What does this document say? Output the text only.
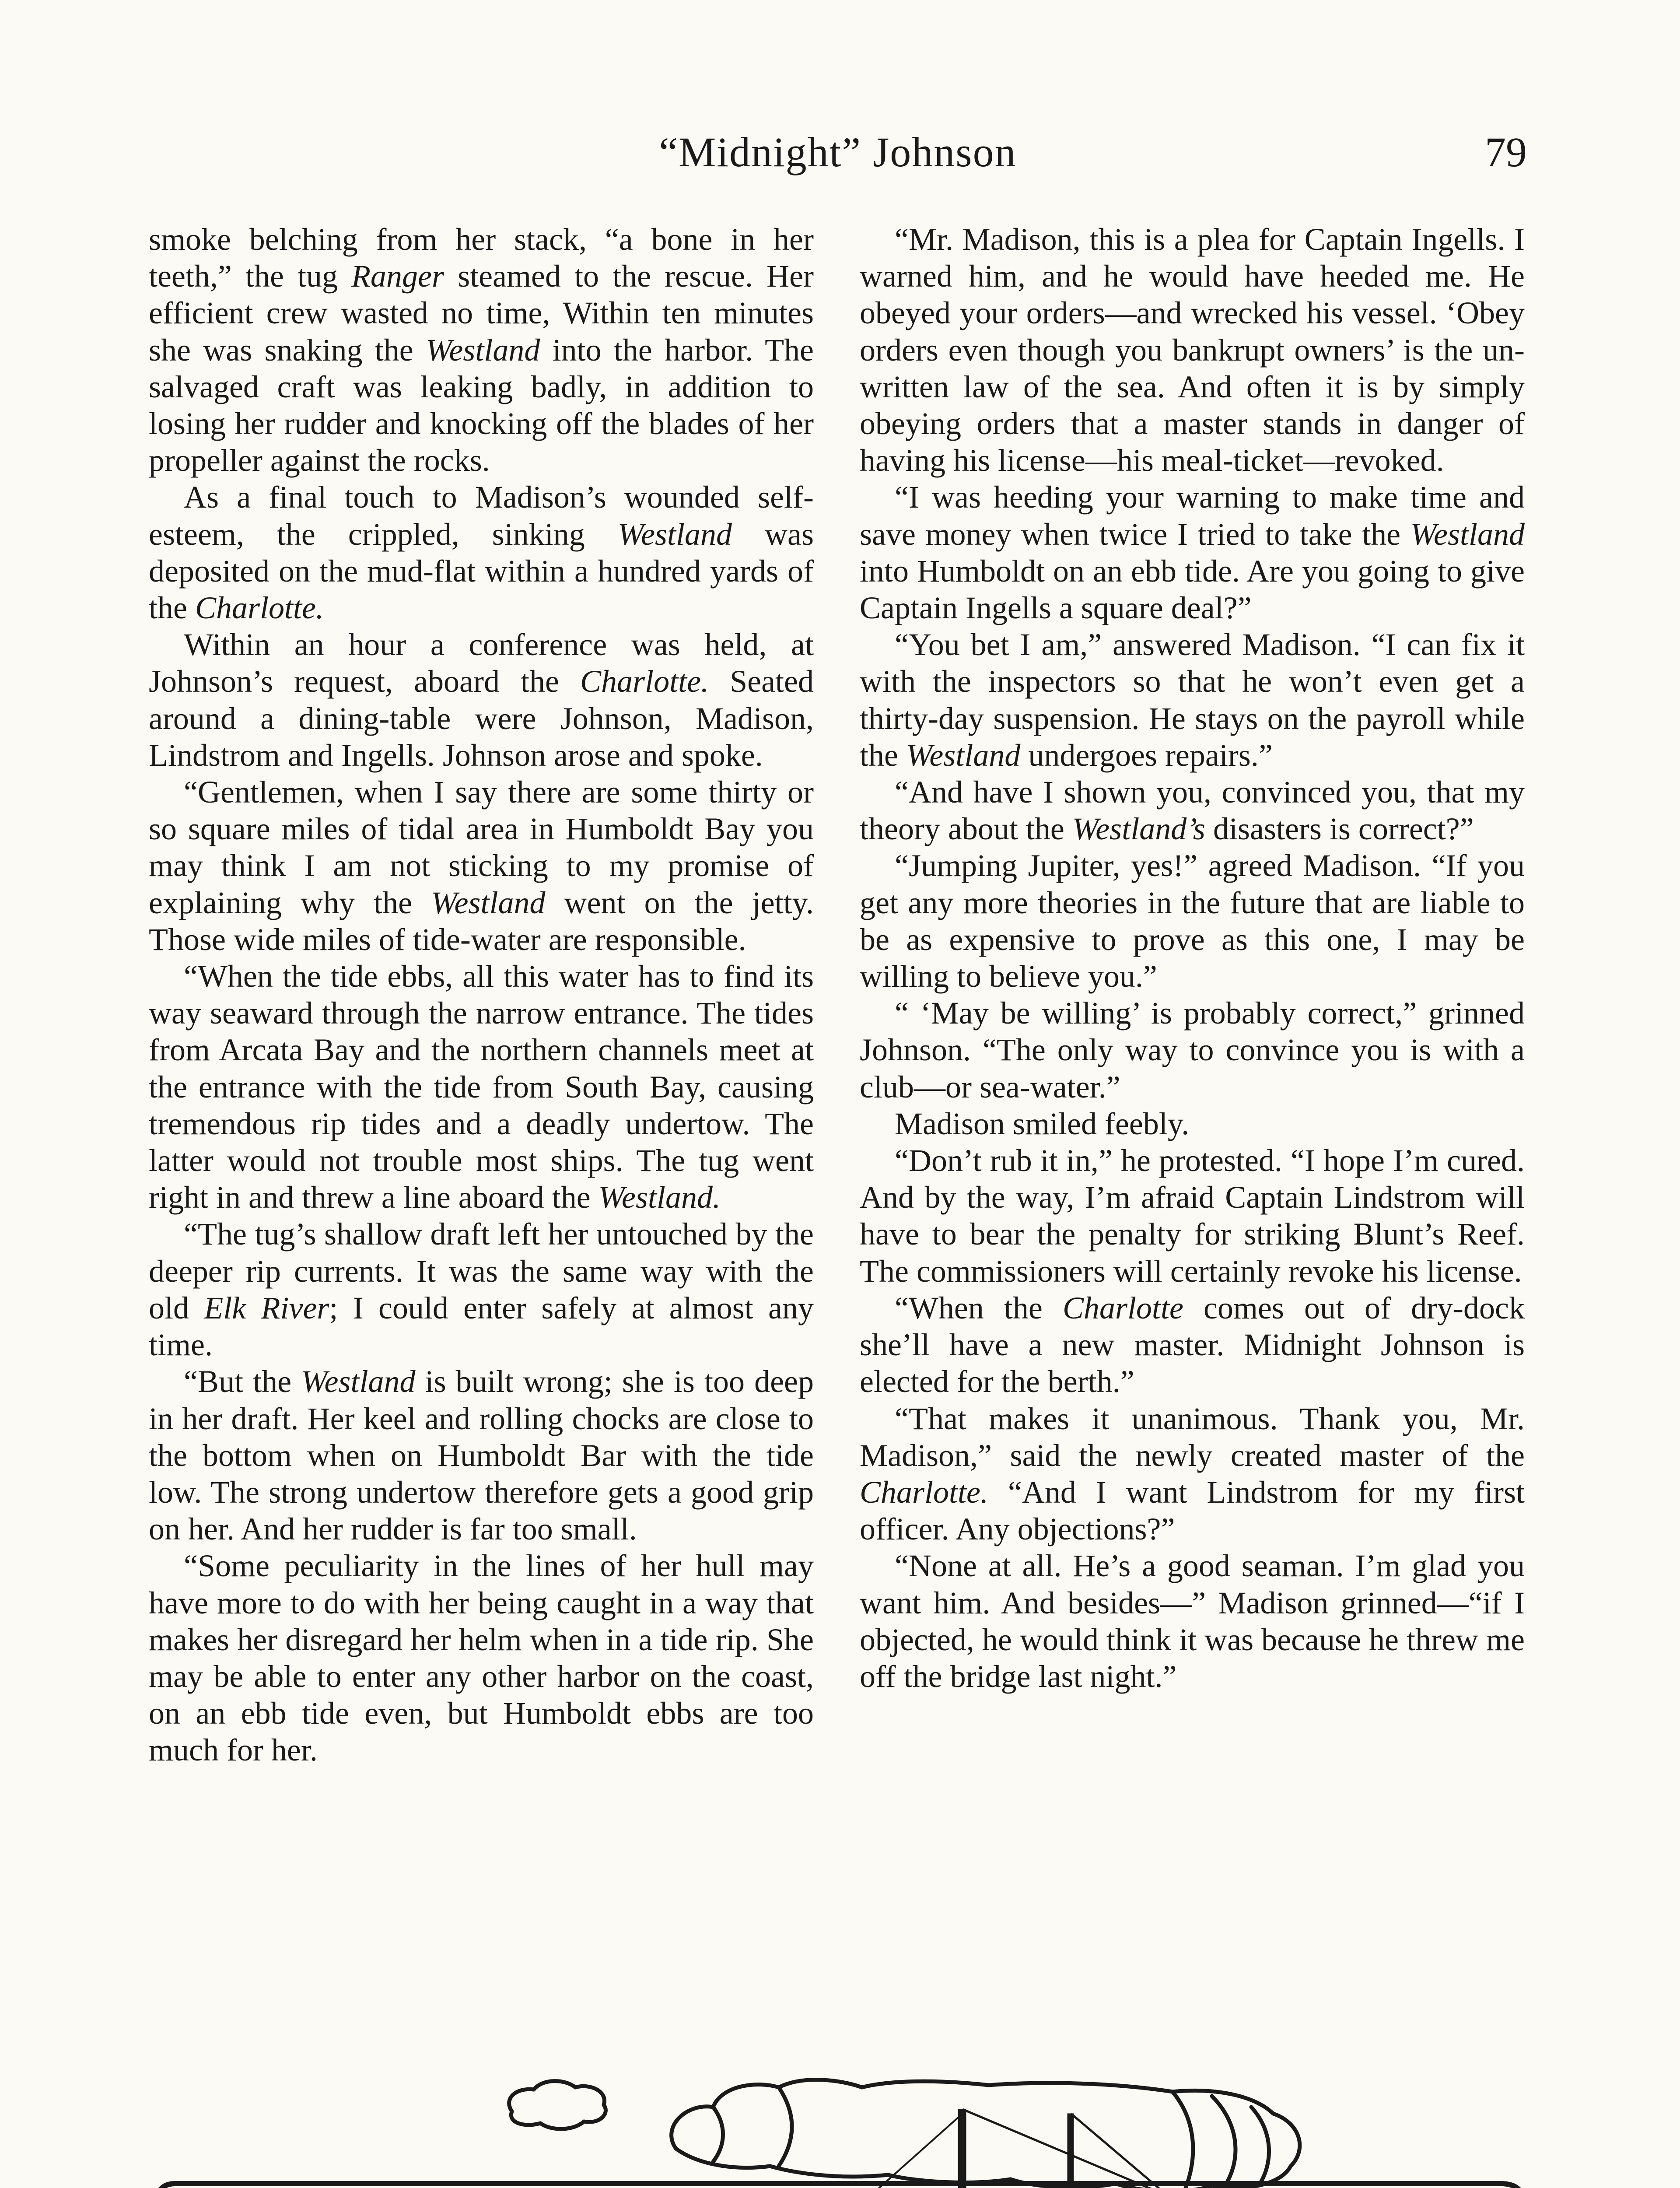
“Midnight” Johnson	79

smoke belching from her stack, “a bone in her teeth,” the tug Ranger steamed to the rescue. Her efficient crew wasted no time, Within ten minutes she was snaking the Westland into the harbor. The salvaged craft was leaking badly, in addition to losing her rudder and knocking off the blades of her propeller against the rocks.

As a final touch to Madison’s wounded self-esteem, the crippled, sinking Westland was deposited on the mud-flat within a hundred yards of the Charlotte.

Within an hour a conference was held, at Johnson’s request, aboard the Charlotte. Seated around a dining-table were Johnson, Madison, Lindstrom and Ingells. Johnson arose and spoke.

“Gentlemen, when I say there are some thirty or so square miles of tidal area in Humboldt Bay you may think I am not sticking to my promise of explaining why the Westland went on the jetty. Those wide miles of tide-water are responsible.

“When the tide ebbs, all this water has to find its way seaward through the narrow entrance. The tides from Arcata Bay and the northern channels meet at the entrance with the tide from South Bay, causing tremendous rip tides and a deadly undertow. The latter would not trouble most ships. The tug went right in and threw a line aboard the Westland.

“The tug’s shallow draft left her untouched by the deeper rip currents. It was the same way with the old Elk River; I could enter safely at almost any time.

“But the Westland is built wrong; she is too deep in her draft. Her keel and rolling chocks are close to the bottom when on Humboldt Bar with the tide low. The strong undertow therefore gets a good grip on her. And her rudder is far too small.

“Some peculiarity in the lines of her hull may have more to do with her being caught in a way that makes her disregard her helm when in a tide rip. She may be able to enter any other harbor on the coast, on an ebb tide even, but Humboldt ebbs are too much for her.

“Mr. Madison, this is a plea for Captain Ingells. I warned him, and he would have heeded me. He obeyed your orders—and wrecked his vessel. ‘Obey orders even though you bankrupt owners’ is the unwritten law of the sea. And often it is by simply obeying orders that a master stands in danger of having his license—his meal-ticket—revoked.

“I was heeding your warning to make time and save money when twice I tried to take the Westland into Humboldt on an ebb tide. Are you going to give Captain Ingells a square deal?”

“You bet I am,” answered Madison. “I can fix it with the inspectors so that he won’t even get a thirty-day suspension. He stays on the payroll while the Westland undergoes repairs.”

“And have I shown you, convinced you, that my theory about the Westland’s disasters is correct?”

“Jumping Jupiter, yes!” agreed Madison. “If you get any more theories in the future that are liable to be as expensive to prove as this one, I may be willing to believe you.”

“ ‘May be willing’ is probably correct,” grinned Johnson. “The only way to convince you is with a club—or sea-water.”

Madison smiled feebly.

“Don’t rub it in,” he protested. “I hope I’m cured. And by the way, I’m afraid Captain Lindstrom will have to bear the penalty for striking Blunt’s Reef. The commissioners will certainly revoke his license.

“When the Charlotte comes out of dry-dock she’ll have a new master. Midnight Johnson is elected for the berth.”

“That makes it unanimous. Thank you, Mr. Madison,” said the newly created master of the Charlotte. “And I want Lindstrom for my first officer. Any objections?”

“None at all. He’s a good seaman. I’m glad you want him. And besides—” Madison grinned—“if I objected, he would think it was because he threw me off the bridge last night.”
